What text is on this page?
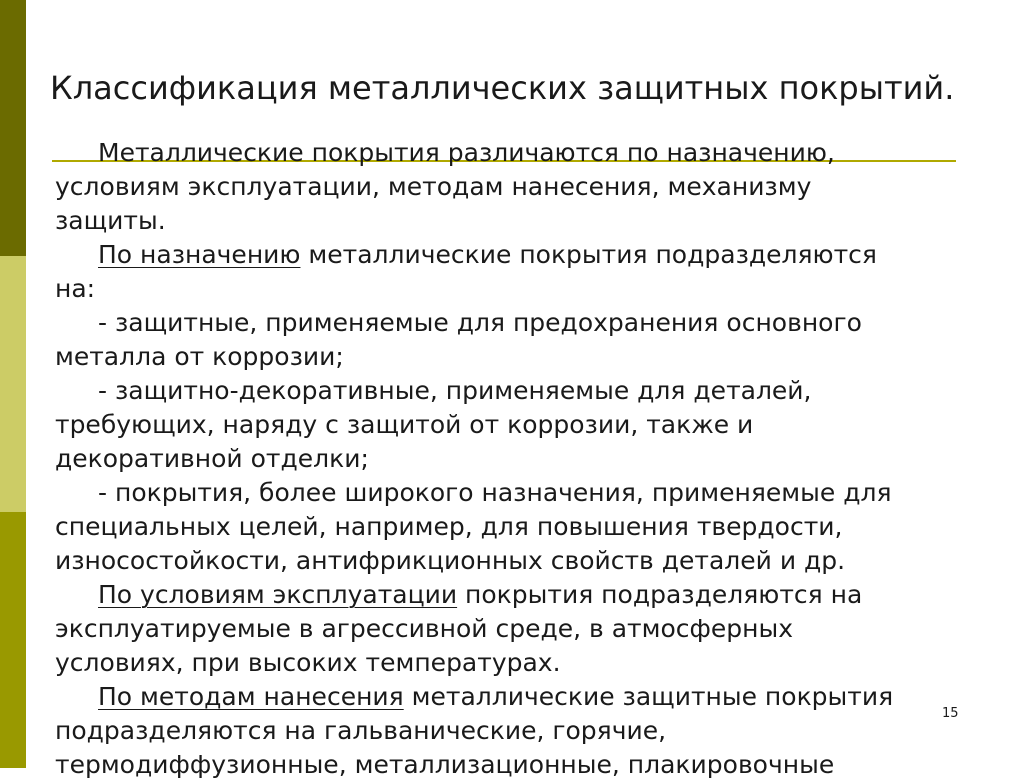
Классификация металлических защитных покрытий.
Металлические покрытия различаются по назначению,
условиям эксплуатации, методам нанесения, механизму
защиты.
По назначению металлические покрытия подразделяются
на:
- защитные, применяемые для предохранения основного
металла от коррозии;
- защитно-декоративные, применяемые для деталей,
требующих, наряду с защитой от коррозии, также и
декоративной отделки;
- покрытия, более широкого назначения, применяемые для
специальных целей, например, для повышения твердости,
износостойкости, антифрикционных свойств деталей и др.
По условиям эксплуатации покрытия подразделяются на
эксплуатируемые в агрессивной среде, в атмосферных
условиях, при высоких температурах.
По методам нанесения металлические защитные покрытия
подразделяются на гальванические, горячие,
термодиффузионные, металлизационные, плакировочные
15
